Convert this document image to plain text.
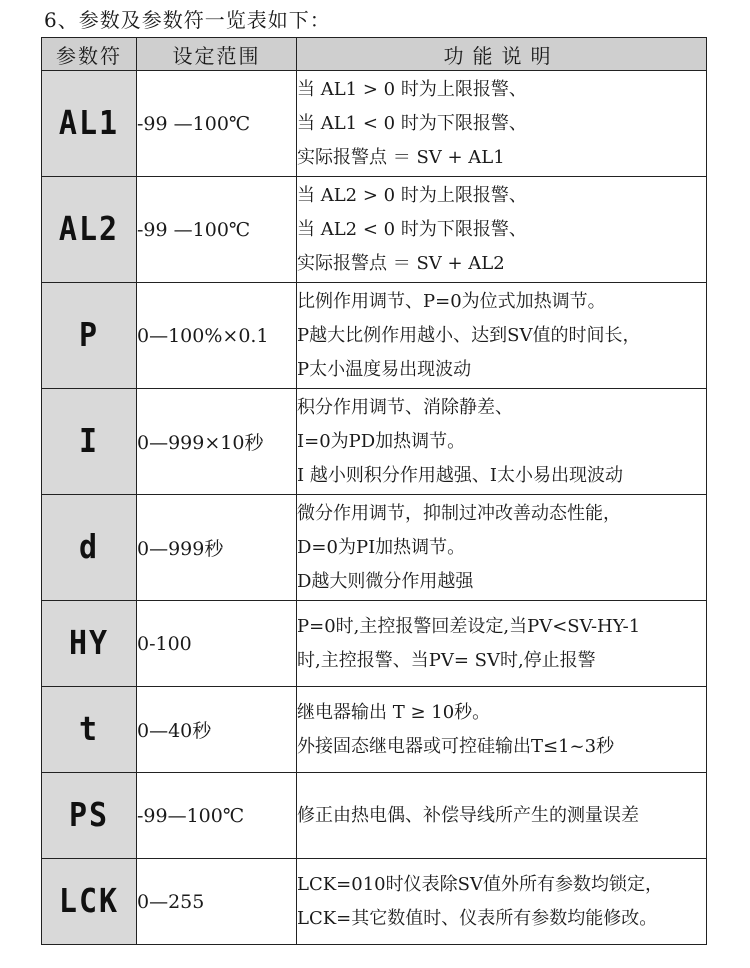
6、参数及参数符一览表如下：
参数符	设定范围	功能说明
AL1	-99 —100℃	当 AL1 > 0 时为上限报警、
当 AL1 < 0 时为下限报警、
实际报警点 ＝ SV + AL1

AL2	-99 —100℃	当 AL2 > 0 时为上限报警、
当 AL2 < 0 时为下限报警、
实际报警点 ＝ SV + AL2

P	0—100%×0.1	比例作用调节、P=0为位式加热调节。
P越大比例作用越小、达到SV值的时间长，
P太小温度易出现波动

I	0—999×10秒	积分作用调节、消除静差、
I=0为PD加热调节。
I 越小则积分作用越强、I太小易出现波动

d	0—999秒	微分作用调节，抑制过冲改善动态性能，
D=0为PI加热调节。
D越大则微分作用越强

HY	0-100	P=0时,主控报警回差设定,当PV<SV-HY-1
时,主控报警、当PV= SV时,停止报警

t	0—40秒	继电器输出 T ≥ 10秒。
外接固态继电器或可控硅输出T≤1~3秒

PS	-99—100℃	修正由热电偶、补偿导线所产生的测量误差

LCK	0—255	LCK=010时仪表除SV值外所有参数均锁定，
LCK=其它数值时、仪表所有参数均能修改。
